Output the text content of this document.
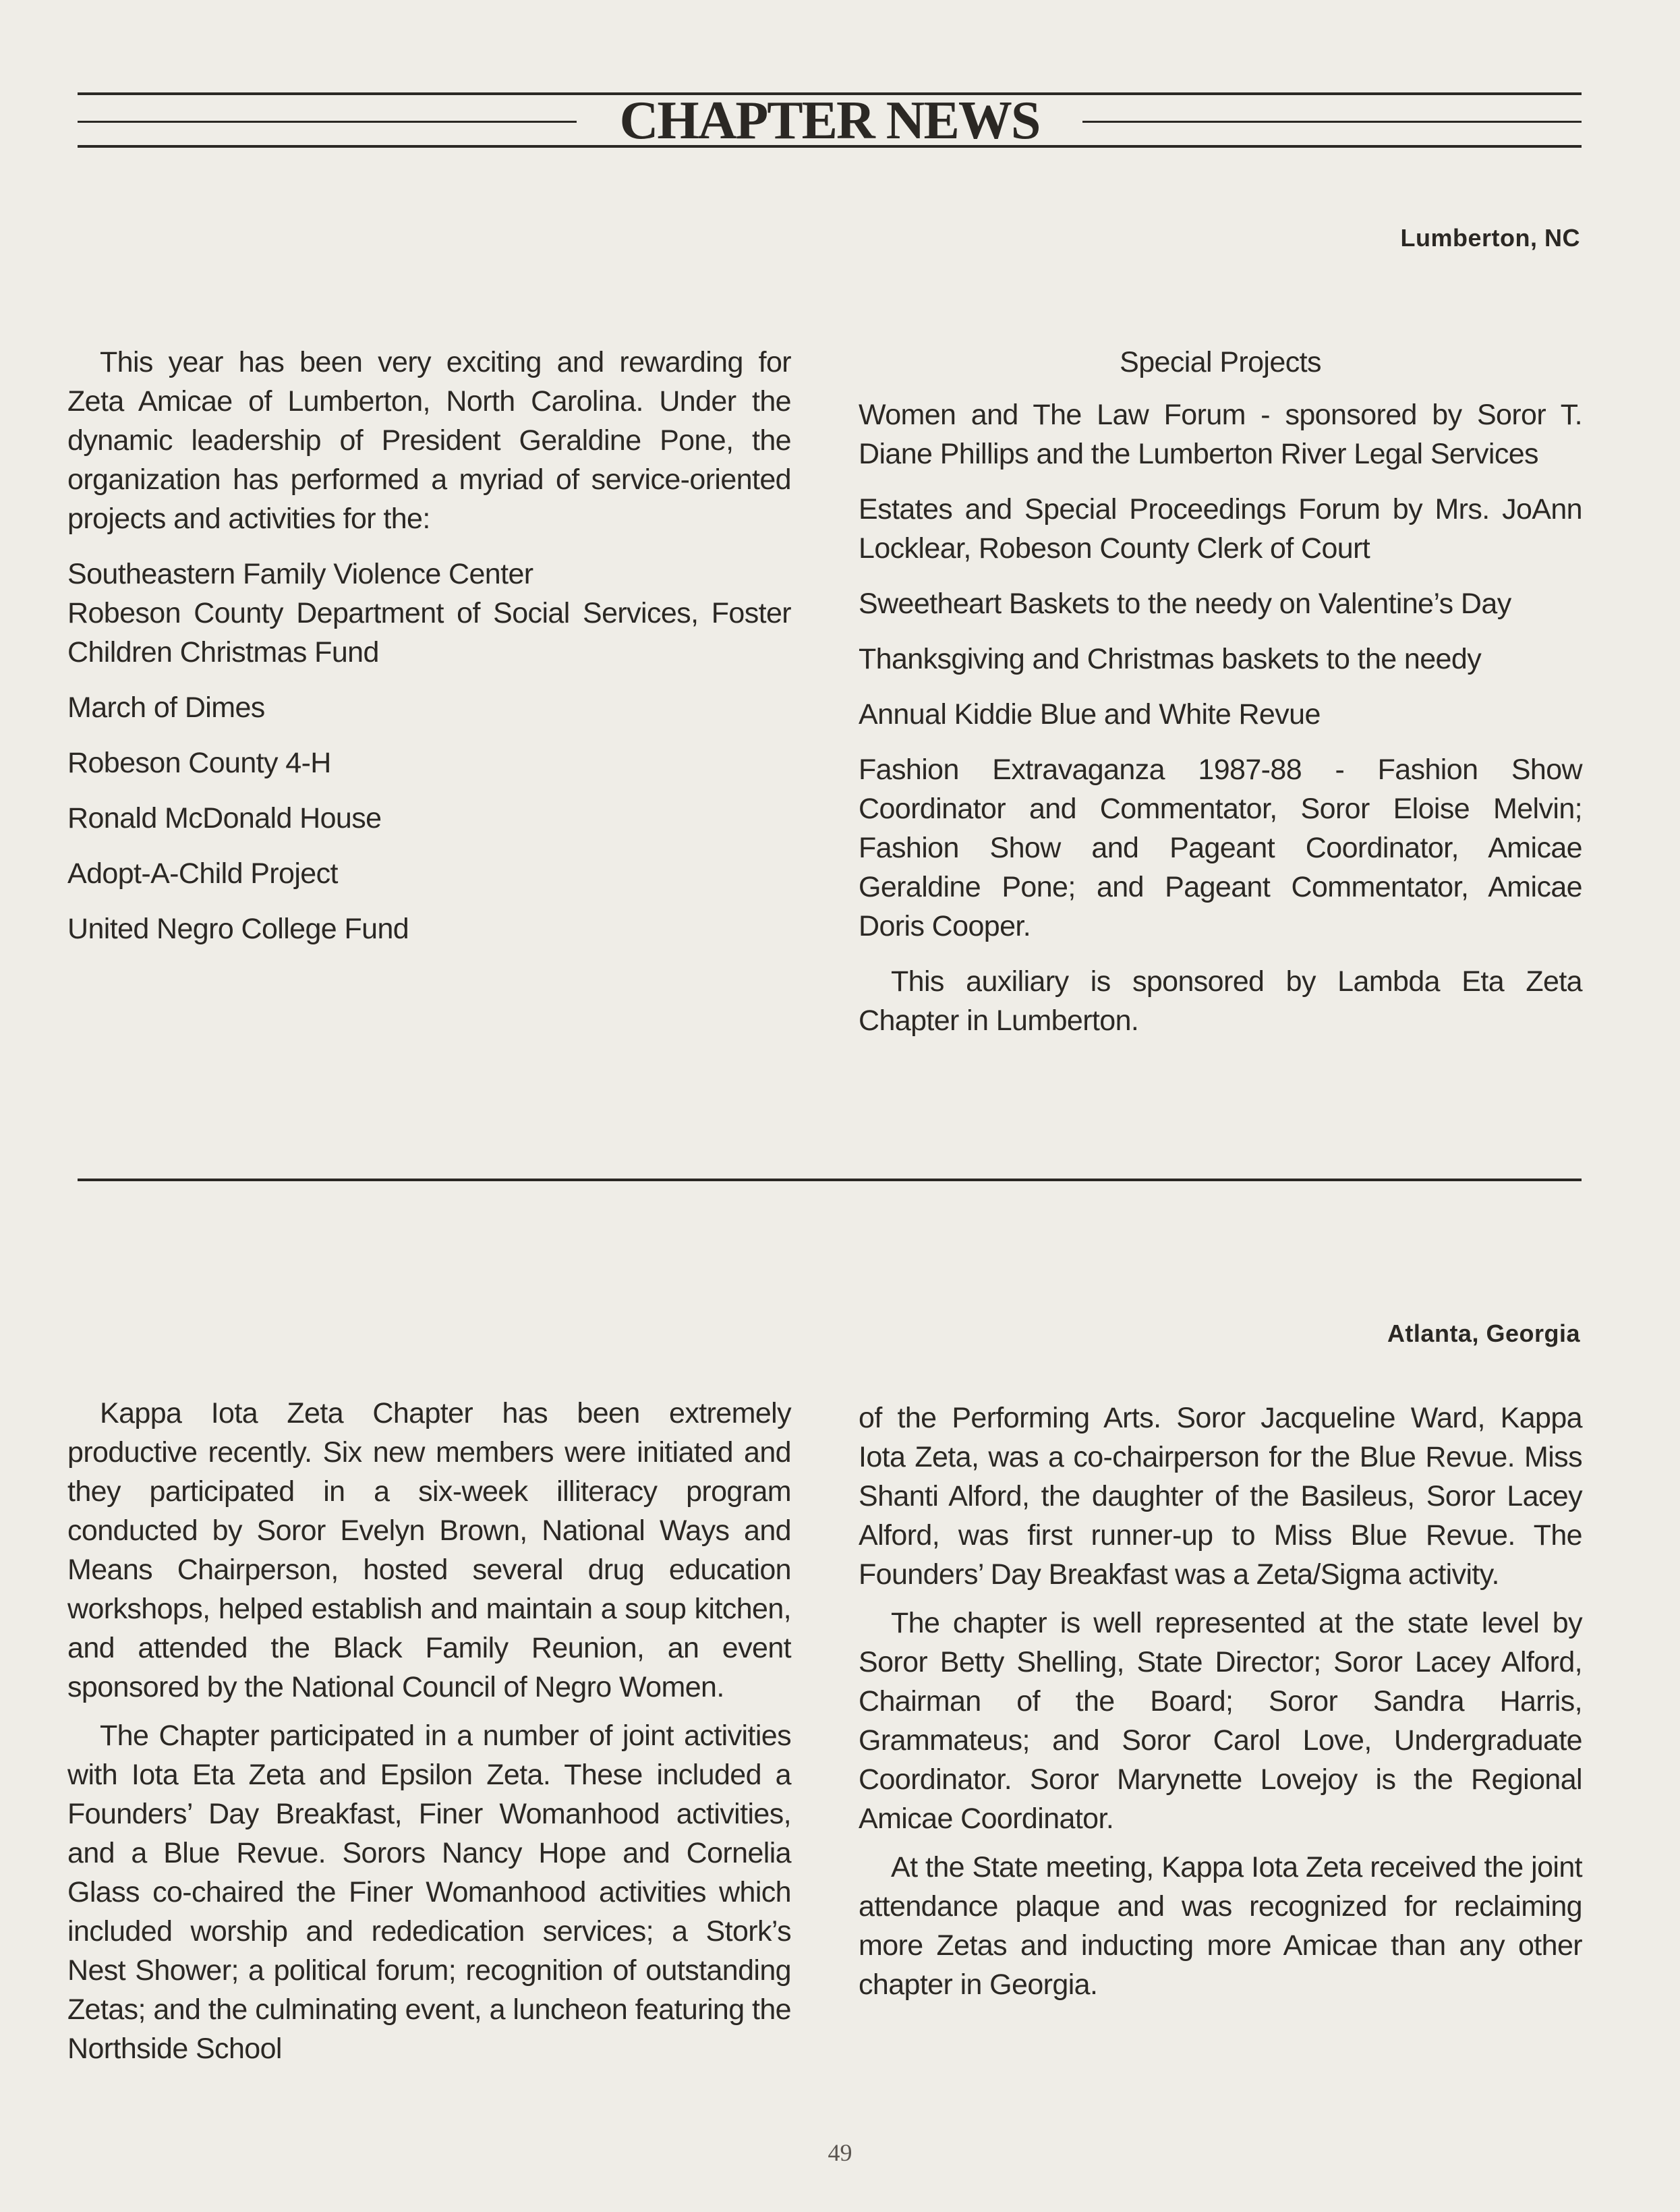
CHAPTER NEWS
Lumberton, NC

This year has been very exciting and rewarding for Zeta Amicae of Lumberton, North Carolina. Under the dynamic leadership of President Geraldine Pone, the organization has performed a myriad of service-oriented projects and activities for the:

Southeastern Family Violence Center

Robeson County Department of Social Services, Foster Children Christmas Fund

March of Dimes

Robeson County 4-H

Ronald McDonald House

Adopt-A-Child Project

United Negro College Fund

Special Projects

Women and The Law Forum - sponsored by Soror T. Diane Phillips and the Lumberton River Legal Services

Estates and Special Proceedings Forum by Mrs. JoAnn Locklear, Robeson County Clerk of Court

Sweetheart Baskets to the needy on Valentine’s Day

Thanksgiving and Christmas baskets to the needy

Annual Kiddie Blue and White Revue

Fashion Extravaganza 1987-88 - Fashion Show Coordinator and Commentator, Soror Eloise Melvin; Fashion Show and Pageant Coordinator, Amicae Geraldine Pone; and Pageant Commentator, Amicae Doris Cooper.

This auxiliary is sponsored by Lambda Eta Zeta Chapter in Lumberton.

Atlanta, Georgia

Kappa Iota Zeta Chapter has been extremely productive recently. Six new members were initiated and they participated in a six-week illiteracy program conducted by Soror Evelyn Brown, National Ways and Means Chairperson, hosted several drug education workshops, helped establish and maintain a soup kitchen, and attended the Black Family Reunion, an event sponsored by the National Council of Negro Women.

The Chapter participated in a number of joint activities with Iota Eta Zeta and Epsilon Zeta. These included a Founders’ Day Breakfast, Finer Womanhood activities, and a Blue Revue. Sorors Nancy Hope and Cornelia Glass co-chaired the Finer Womanhood activities which included worship and rededication services; a Stork’s Nest Shower; a political forum; recognition of outstanding Zetas; and the culminating event, a luncheon featuring the Northside School

of the Performing Arts. Soror Jacqueline Ward, Kappa Iota Zeta, was a co-chairperson for the Blue Revue. Miss Shanti Alford, the daughter of the Basileus, Soror Lacey Alford, was first runner-up to Miss Blue Revue. The Founders’ Day Breakfast was a Zeta/Sigma activity.

The chapter is well represented at the state level by Soror Betty Shelling, State Director; Soror Lacey Alford, Chairman of the Board; Soror Sandra Harris, Grammateus; and Soror Carol Love, Undergraduate Coordinator. Soror Marynette Lovejoy is the Regional Amicae Coordinator.

At the State meeting, Kappa Iota Zeta received the joint attendance plaque and was recognized for reclaiming more Zetas and inducting more Amicae than any other chapter in Georgia.

49
